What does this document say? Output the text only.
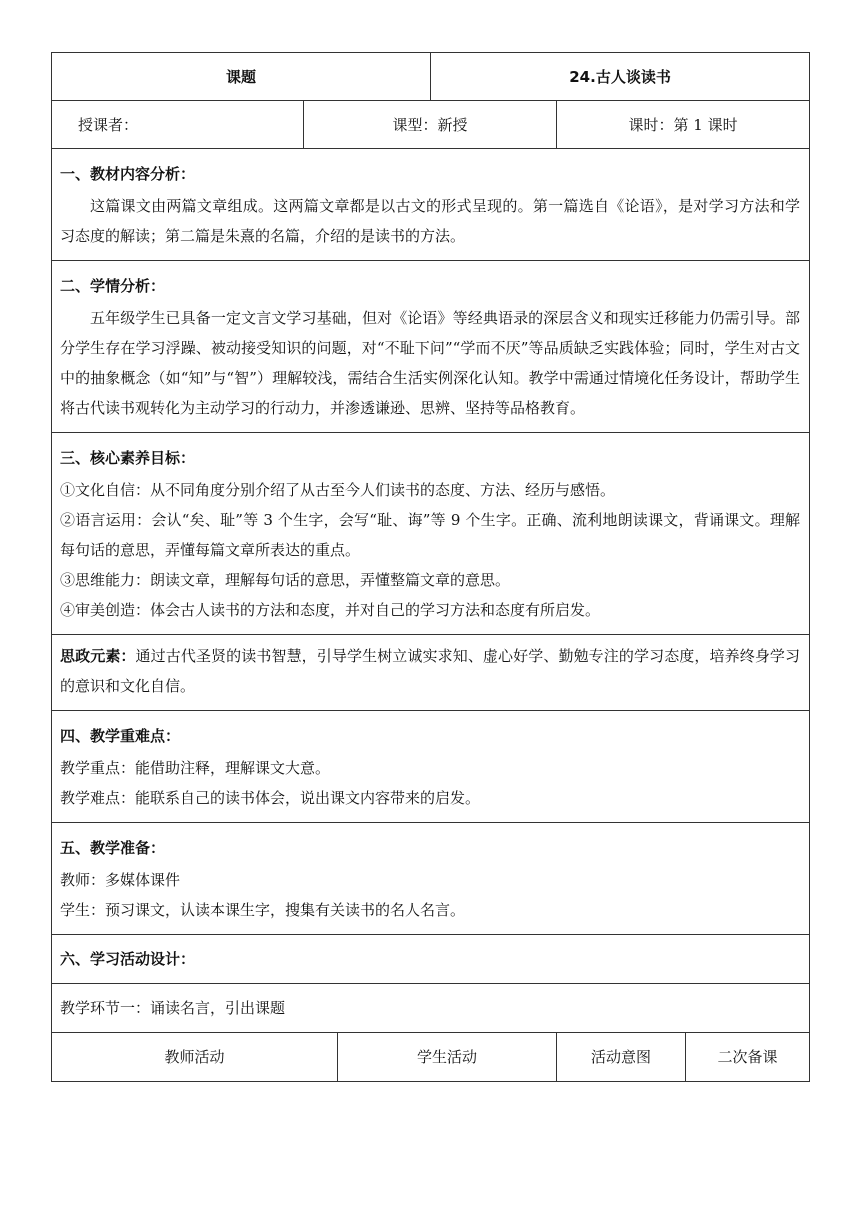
课题			24.古人谈读书		
授课者：	课型：新授			课时：第 1 课时	

一、教材内容分析：
这篇课文由两篇文章组成。这两篇文章都是以古文的形式呈现的。第一篇选自《论语》，是对学习方法和学习态度的解读；第二篇是朱熹的名篇，介绍的是读书的方法。					

二、学情分析：
五年级学生已具备一定文言文学习基础，但对《论语》等经典语录的深层含义和现实迁移能力仍需引导。部分学生存在学习浮躁、被动接受知识的问题，对“不耻下问”“学而不厌”等品质缺乏实践体验；同时，学生对古文中的抽象概念（如“知”与“智”）理解较浅，需结合生活实例深化认知。教学中需通过情境化任务设计，帮助学生将古代读书观转化为主动学习的行动力，并渗透谦逊、思辨、坚持等品格教育。					

三、核心素养目标：
①文化自信：从不同角度分别介绍了从古至今人们读书的态度、方法、经历与感悟。
②语言运用：会认“矣、耻”等 3 个生字，会写“耻、诲”等 9 个生字。正确、流利地朗读课文，背诵课文。理解每句话的意思，弄懂每篇文章所表达的重点。
③思维能力：朗读文章，理解每句话的意思，弄懂整篇文章的意思。
④审美创造：体会古人读书的方法和态度，并对自己的学习方法和态度有所启发。					

思政元素：通过古代圣贤的读书智慧，引导学生树立诚实求知、虚心好学、勤勉专注的学习态度，培养终身学习的意识和文化自信。					

四、教学重难点：
教学重点：能借助注释，理解课文大意。
教学难点：能联系自己的读书体会，说出课文内容带来的启发。					

五、教学准备：
教师：多媒体课件
学生：预习课文，认读本课生字，搜集有关读书的名人名言。					

六、学习活动设计：					
教学环节一：诵读名言，引出课题					
教师活动		学生活动		活动意图	二次备课
